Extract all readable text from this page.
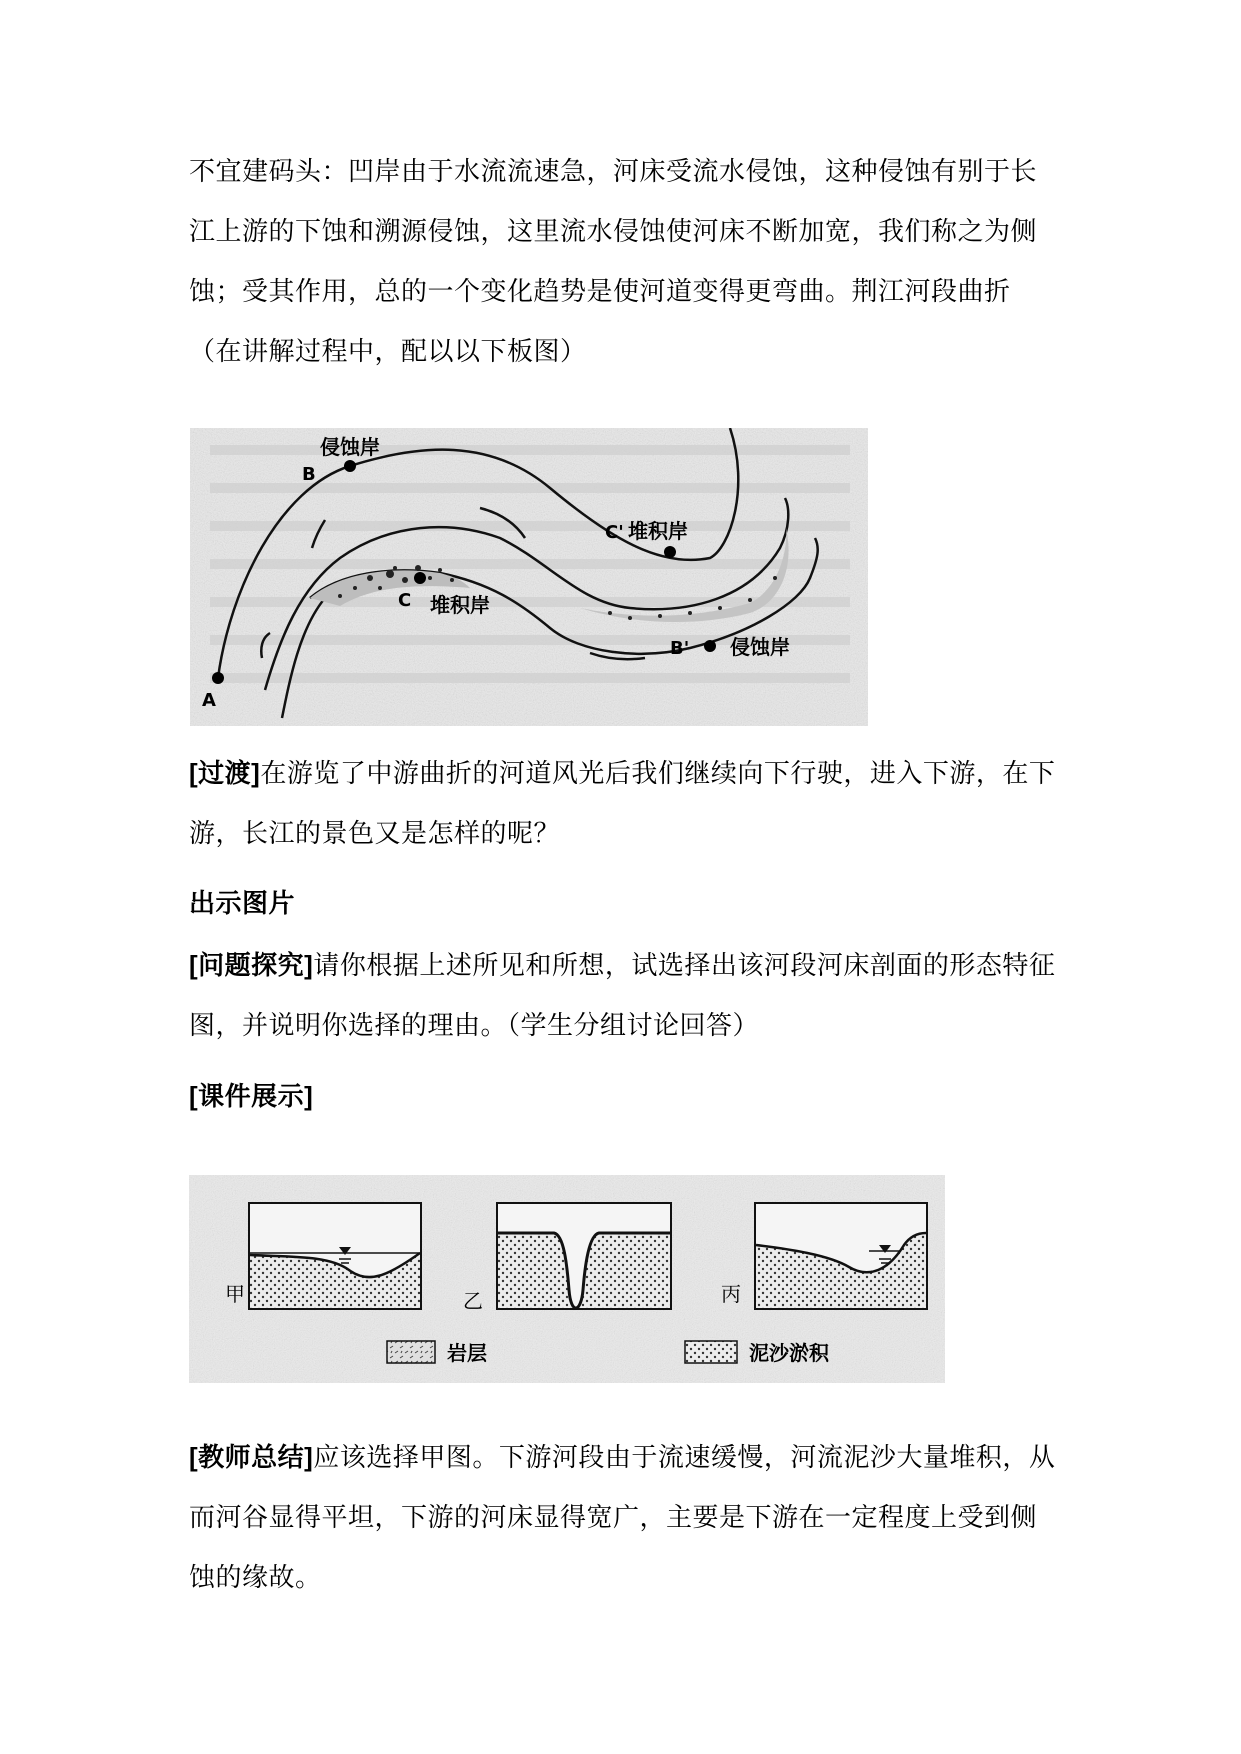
不宜建码头：凹岸由于水流流速急，河床受流水侵蚀，这种侵蚀有别于长江上游的下蚀和溯源侵蚀，这里流水侵蚀使河床不断加宽，我们称之为侧蚀；受其作用，总的一个变化趋势是使河道变得更弯曲。荆江河段曲折（在讲解过程中，配以以下板图）

侵蚀岸
B
A
C 堆积岸
C' 堆积岸
B' 侵蚀岸

[过渡]在游览了中游曲折的河道风光后我们继续向下行驶，进入下游，在下游，长江的景色又是怎样的呢？

出示图片

[问题探究]请你根据上述所见和所想，试选择出该河段河床剖面的形态特征图，并说明你选择的理由。（学生分组讨论回答）

[课件展示]

甲	乙	丙
岩层	泥沙淤积

[教师总结]应该选择甲图。下游河段由于流速缓慢，河流泥沙大量堆积，从而河谷显得平坦，下游的河床显得宽广，主要是下游在一定程度上受到侧蚀的缘故。
